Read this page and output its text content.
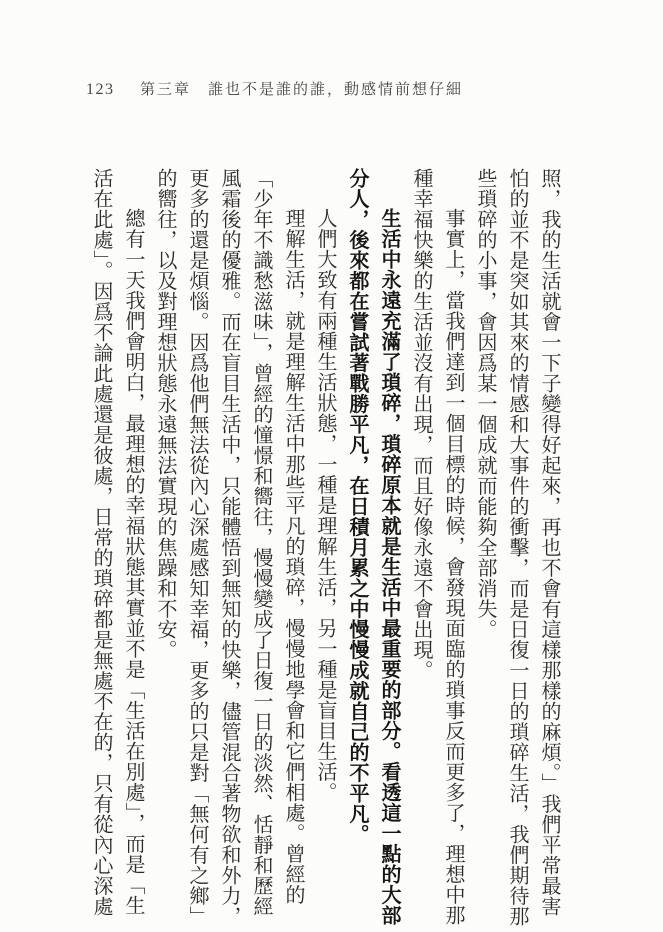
123	第三章　誰也不是誰的誰，動感情前想仔細

照，我的生活就會一下子變得好起來，再也不會有這樣那樣的麻煩。」我們平常最害怕的並不是突如其來的情感和大事件的衝擊，而是日復一日的瑣碎生活，我們期待那些瑣碎的小事，會因爲某一個成就而能夠全部消失。

事實上，當我們達到一個目標的時候，會發現面臨的瑣事反而更多了，理想中那種幸福快樂的生活並沒有出現，而且好像永遠不會出現。

生活中永遠充滿了瑣碎，瑣碎原本就是生活中最重要的部分。看透這一點的大部分人，後來都在嘗試著戰勝平凡，在日積月累之中慢慢成就自己的不平凡。

人們大致有兩種生活狀態，一種是理解生活，另一種是盲目生活。

理解生活，就是理解生活中那些平凡的瑣碎，慢慢地學會和它們相處。曾經的「少年不識愁滋味」，曾經的憧憬和嚮往，慢慢變成了日復一日的淡然、恬靜和歷經風霜後的優雅。而在盲目生活中，只能體悟到無知的快樂，儘管混合著物欲和外力，更多的還是煩惱。因爲他們無法從內心深處感知幸福，更多的只是對「無何有之鄉」的嚮往，以及對理想狀態永遠無法實現的焦躁和不安。

總有一天我們會明白，最理想的幸福狀態其實並不是「生活在別處」，而是「生活在此處」。因爲不論此處還是彼處，日常的瑣碎都是無處不在的，只有從內心深處
